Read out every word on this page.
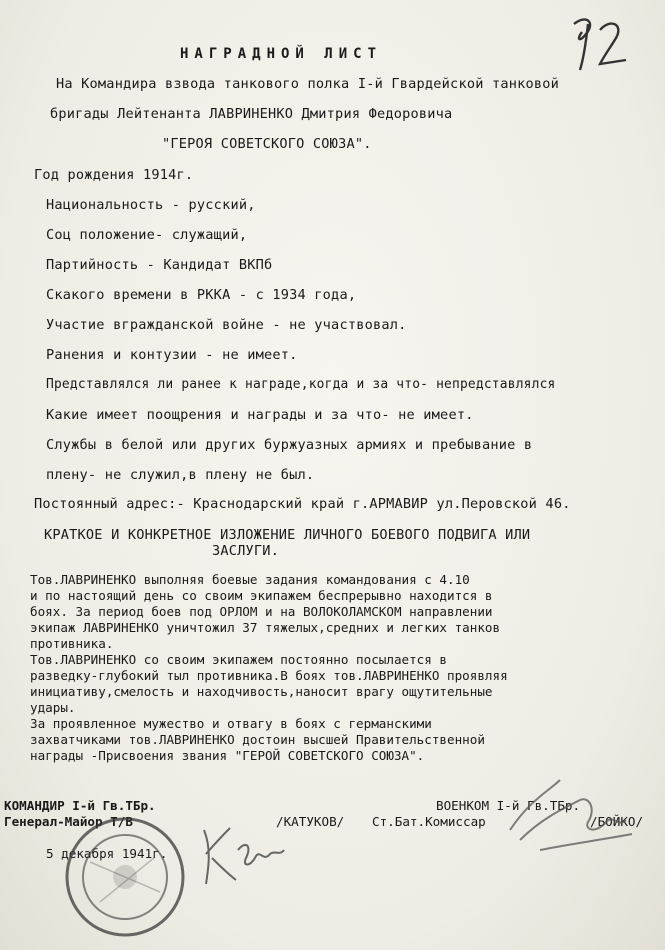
НАГРАДНОЙ ЛИСТ
На Командира взвода танкового полка I-й Гвардейской танковой
бригады Лейтенанта ЛАВРИНЕНКО Дмитрия Федоровича
"ГЕРОЯ СОВЕТСКОГО СОЮЗА".
Год рождения 1914г.
Национальность - русский,
Соц положение- служащий,
Партийность - Кандидат ВКПб
Скакого времени в РККА - с 1934 года,
Участие вгражданской войне - не участвовал.
Ранения и контузии - не имеет.
Представлялся ли ранее к награде,когда и за что- непредставлялся
Какие имеет поощрения и награды и за что- не имеет.
Службы в белой или других буржуазных армиях и пребывание в
плену- не служил,в плену не был.
Постоянный адрес:- Краснодарский край г.АРМАВИР ул.Перовской 46.
КРАТКОЕ И КОНКРЕТНОЕ ИЗЛОЖЕНИЕ ЛИЧНОГО БОЕВОГО ПОДВИГА ИЛИ
ЗАСЛУГИ.
Тов.ЛАВРИНЕНКО выполняя боевые задания командования с 4.10
и по настоящий день со своим экипажем беспрерывно находится в
боях. За период боев под ОРЛОМ и на ВОЛОКОЛАМСКОМ направлении
экипаж ЛАВРИНЕНКО уничтожил 37 тяжелых,средних и легких танков
противника.
Тов.ЛАВРИНЕНКО со своим экипажем постоянно посылается в
разведку-глубокий тыл противника.В боях тов.ЛАВРИНЕНКО проявляя
инициативу,смелость и находчивость,наносит врагу ощутительные
удары.
За проявленное мужество и отвагу в боях с германскими
захватчиками тов.ЛАВРИНЕНКО достоин высшей Правительственной
награды -Присвоения звания "ГЕРОЙ СОВЕТСКОГО СОЮЗА".
КОМАНДИР I-й Гв.ТБр.
Генерал-Майор Т/В	/КАТУКОВ/ Ст.Бат.Комиссар
ВОЕНКОМ I-й Гв.ТБр.
/БОЙКО/
5 декабря 1941г.
